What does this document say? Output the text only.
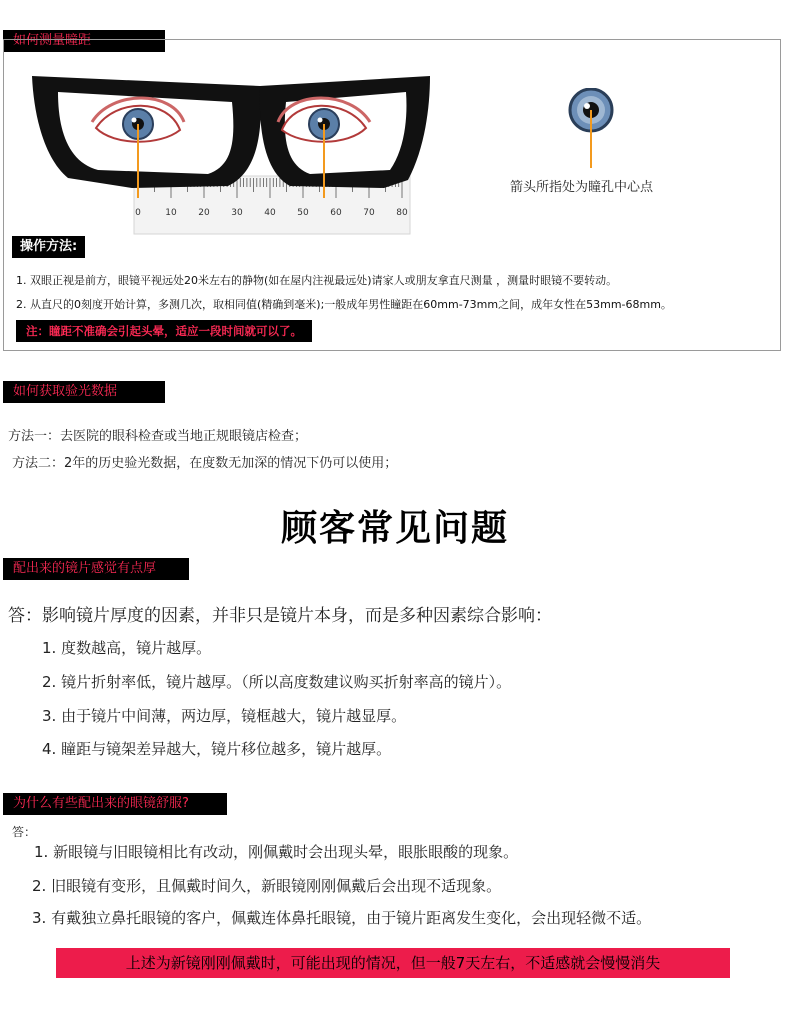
如何测量瞳距
0	10 20 30 40 50 60 70 80
箭头所指处为瞳孔中心点
操作方法:
1. 双眼正视是前方，眼镜平视远处20米左右的静物(如在屋内注视最远处)请家人或朋友拿直尺测量 ，测量时眼镜不要转动。
2. 从直尺的0刻度开始计算，多测几次，取相同值(精确到毫米);一般成年男性瞳距在60mm-73mm之间，成年女性在53mm-68mm。
注：瞳距不准确会引起头晕，适应一段时间就可以了。
如何获取验光数据
方法一：去医院的眼科检查或当地正规眼镜店检查；
方法二：2年的历史验光数据，在度数无加深的情况下仍可以使用；
顾客常见问题
配出来的镜片感觉有点厚
答：影响镜片厚度的因素，并非只是镜片本身，而是多种因素综合影响：
1. 度数越高，镜片越厚。
2. 镜片折射率低，镜片越厚。（所以高度数建议购买折射率高的镜片）。
3. 由于镜片中间薄，两边厚，镜框越大，镜片越显厚。
4. 瞳距与镜架差异越大，镜片移位越多，镜片越厚。
为什么有些配出来的眼镜舒服?
答：
1. 新眼镜与旧眼镜相比有改动，刚佩戴时会出现头晕，眼胀眼酸的现象。
2. 旧眼镜有变形，且佩戴时间久，新眼镜刚刚佩戴后会出现不适现象。
3. 有戴独立鼻托眼镜的客户，佩戴连体鼻托眼镜，由于镜片距离发生变化，会出现轻微不适。
上述为新镜刚刚佩戴时，可能出现的情况，但一般7天左右，不适感就会慢慢消失
